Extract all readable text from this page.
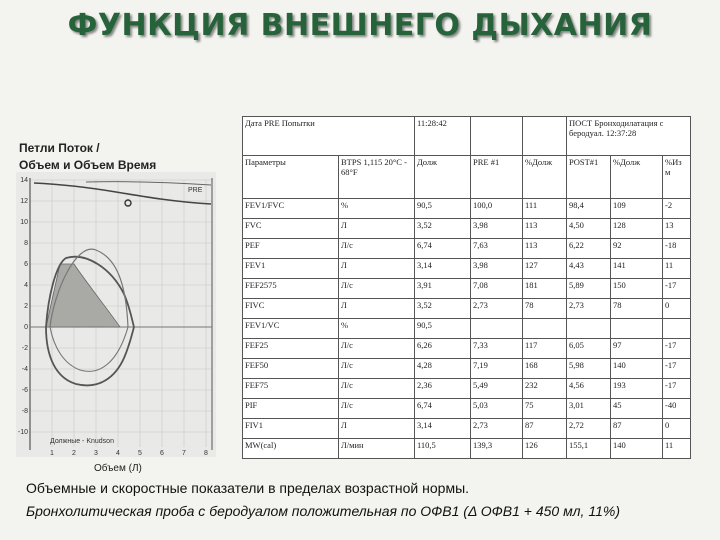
ФУНКЦИЯ ВНЕШНЕГО ДЫХАНИЯ
Петли Поток /
Объем и Объем Время
14
12
10
8
6
4
2
0
-2
-4
-6
-8
-10
1	2	3	4	5	6	7	8
PRE
Должные - Knudson
Объем (Л)
Дата PRE Попытки		11:28:42			ПОСТ Бронходилатация с беродуал. 12:37:28		
Параметры	BTPS 1,115 20°C - 68°F	Долж	PRE #1	%Долж	POST#1	%Долж	%Из м
FEV1/FVC	%	90,5	100,0	111	98,4	109	-2
FVC	Л	3,52	3,98	113	4,50	128	13
PEF	Л/с	6,74	7,63	113	6,22	92	-18
FEV1	Л	3,14	3,98	127	4,43	141	11
FEF2575	Л/с	3,91	7,08	181	5,89	150	-17
FIVC	Л	3,52	2,73	78	2,73	78	0
FEV1/VC	%	90,5					
FEF25	Л/с	6,26	7,33	117	6,05	97	-17
FEF50	Л/с	4,28	7,19	168	5,98	140	-17
FEF75	Л/с	2,36	5,49	232	4,56	193	-17
PIF	Л/с	6,74	5,03	75	3,01	45	-40
FIV1	Л	3,14	2,73	87	2,72	87	0
MW(cal)	Л/мин	110,5	139,3	126	155,1	140	11
Объемные и скоростные показатели в пределах возрастной нормы.
Бронхолитическая проба с беродуалом положительная по ОФВ1 (Δ ОФВ1 + 450 мл, 11%)
